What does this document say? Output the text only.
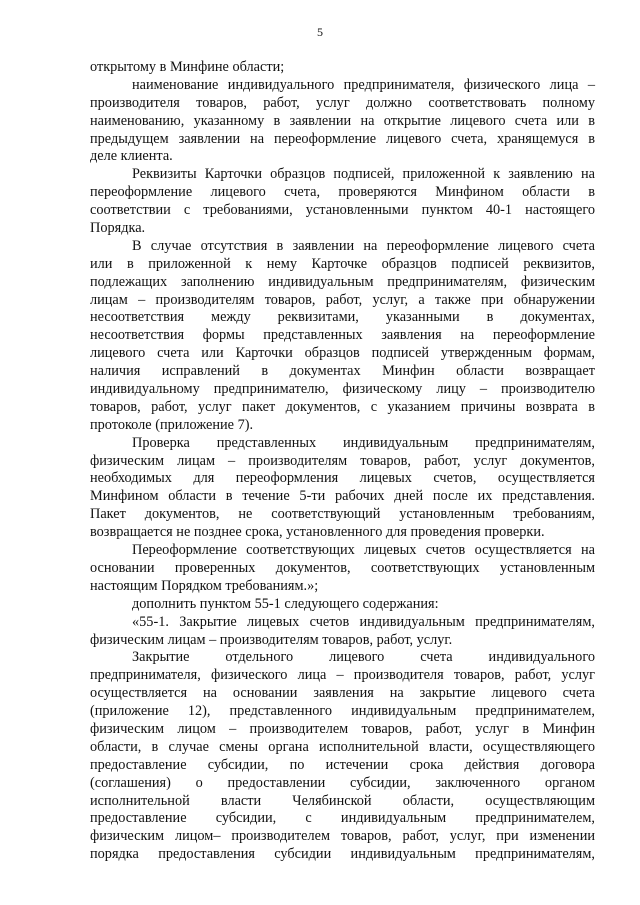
5
открытому в Минфине области;
наименование индивидуального предпринимателя, физического лица –
производителя товаров, работ, услуг должно соответствовать полному
наименованию, указанному в заявлении на открытие лицевого счета или в
предыдущем заявлении на переоформление лицевого счета, хранящемуся в
деле клиента.
Реквизиты Карточки образцов подписей, приложенной к заявлению на
переоформление лицевого счета, проверяются Минфином области в
соответствии с требованиями, установленными пунктом 40-1 настоящего
Порядка.
В случае отсутствия в заявлении на переоформление лицевого счета
или в приложенной к нему Карточке образцов подписей реквизитов,
подлежащих заполнению индивидуальным предпринимателям, физическим
лицам – производителям товаров, работ, услуг, а также при обнаружении
несоответствия между реквизитами, указанными в документах,
несоответствия формы представленных заявления на переоформление
лицевого счета или Карточки образцов подписей утвержденным формам,
наличия исправлений в документах Минфин области возвращает
индивидуальному предпринимателю, физическому лицу – производителю
товаров, работ, услуг пакет документов, с указанием причины возврата в
протоколе (приложение 7).
Проверка представленных индивидуальным предпринимателям,
физическим лицам – производителям товаров, работ, услуг документов,
необходимых для переоформления лицевых счетов, осуществляется
Минфином области в течение 5-ти рабочих дней после их представления.
Пакет документов, не соответствующий установленным требованиям,
возвращается не позднее срока, установленного для проведения проверки.
Переоформление соответствующих лицевых счетов осуществляется на
основании проверенных документов, соответствующих установленным
настоящим Порядком требованиям.»;
дополнить пунктом 55-1 следующего содержания:
«55-1. Закрытие лицевых счетов индивидуальным предпринимателям,
физическим лицам – производителям товаров, работ, услуг.
Закрытие отдельного лицевого счета индивидуального
предпринимателя, физического лица – производителя товаров, работ, услуг
осуществляется на основании заявления на закрытие лицевого счета
(приложение 12), представленного индивидуальным предпринимателем,
физическим лицом – производителем товаров, работ, услуг в Минфин
области, в случае смены органа исполнительной власти, осуществляющего
предоставление субсидии, по истечении срока действия договора
(соглашения) о предоставлении субсидии, заключенного органом
исполнительной власти Челябинской области, осуществляющим
предоставление субсидии, с индивидуальным предпринимателем,
физическим лицом– производителем товаров, работ, услуг, при изменении
порядка предоставления субсидии индивидуальным предпринимателям,
